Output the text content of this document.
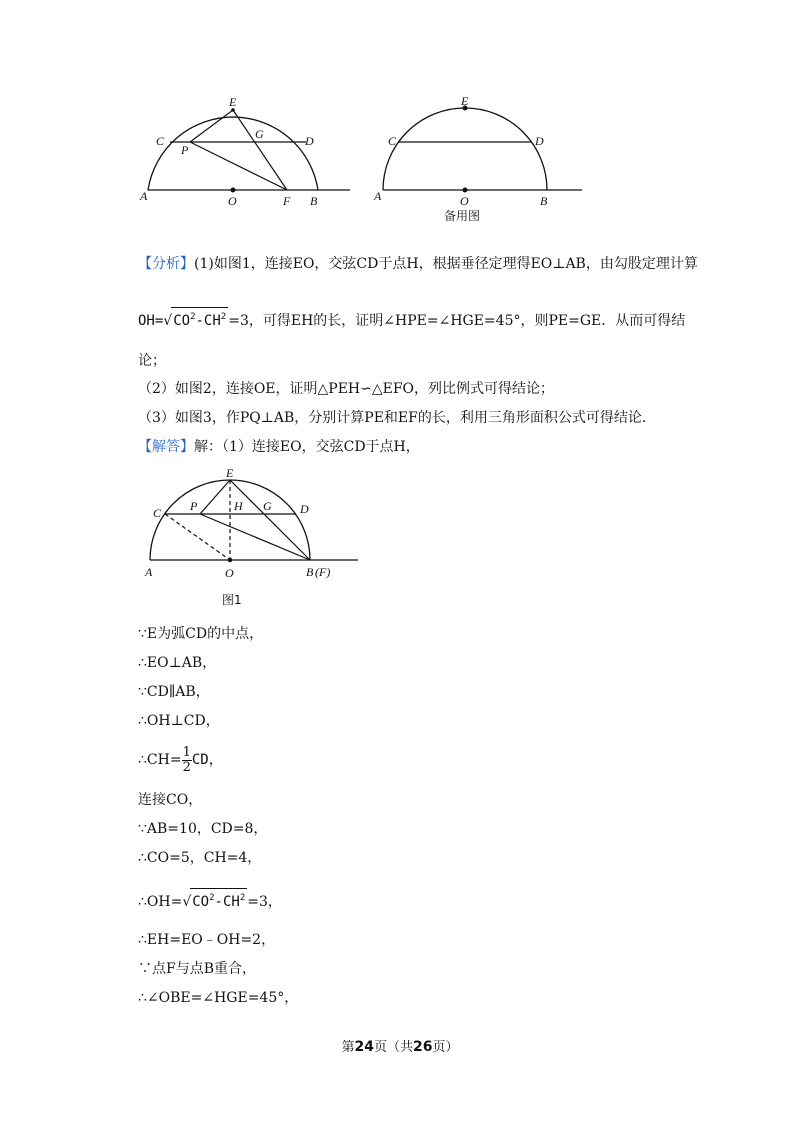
E
C	D
G
P
A	O	F B
E
C	D
A	O	B
备用图
【分析】(1)如图1，连接EO，交弦CD于点H，根据垂径定理得EO⊥AB，由勾股定理计算
$OH=√CO^2-CH^2 =3$，可得EH的长，证明∠HPE=∠HGE=45°，则PE=GE．从而可得结
论；
（2）如图2，连接OE，证明△PEH∽△EFO，列比例式可得结论；
（3）如图3，作PQ⊥AB，分别计算PE和EF的长，利用三角形面积公式可得结论．
【解答】解：（1）连接EO，交弦CD于点H，
E
C P	H G D
A	O	B (F)
图1
∵E为弧CD的中点，
∴EO⊥AB，
∵CD∥AB，
∴OH⊥CD，
∴CH= $\frac{1}{2}$ CD，
连接CO，
∵AB=10，CD=8，
∴CO=5，CH=4，
$\therefore OH=√CO^2-CH^2 =3$，
∴EH=EO﹣OH=2，
∵点F与点B重合，
∴∠OBE=∠HGE=45°，
第24页（共26页）
